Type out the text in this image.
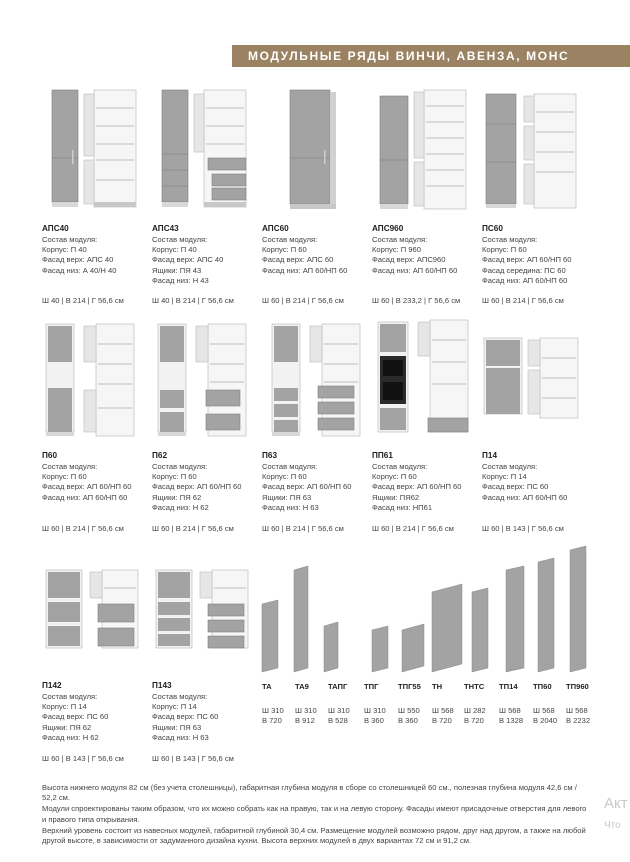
МОДУЛЬНЫЕ РЯДЫ ВИНЧИ, АВЕНЗА, МОНС
АПС40
Состав модуля:
Корпус: П 40
Фасад верх: АПС 40
Фасад низ: А 40/Н 40
Ш 40 | В 214 | Г 56,6 см
АПС43
Состав модуля:
Корпус: П 40
Фасад верх: АПС 40
Ящики: ПЯ 43
Фасад низ: Н 43
Ш 40 | В 214 | Г 56,6 см
АПС60
Состав модуля:
Корпус: П 60
Фасад верх: АПС 60
Фасад низ: АП 60/НП 60
Ш 60 | В 214 | Г 56,6 см
АПС960
Состав модуля:
Корпус: П 960
Фасад верх: АПС960
Фасад низ: АП 60/НП 60
Ш 60 | В 233,2 | Г 56,6 см
ПС60
Состав модуля:
Корпус: П 60
Фасад верх: АП 60/НП 60
Фасад середина: ПС 60
Фасад низ: АП 60/НП 60
Ш 60 | В 214 | Г 56,6 см
П60
Состав модуля:
Корпус: П 60
Фасад верх: АП 60/НП 60
Фасад низ: АП 60/НП 60
Ш 60 | В 214 | Г 56,6 см
П62
Состав модуля:
Корпус: П 60
Фасад верх: АП 60/НП 60
Ящики: ПЯ 62
Фасад низ: Н 62
Ш 60 | В 214 | Г 56,6 см
П63
Состав модуля:
Корпус: П 60
Фасад верх: АП 60/НП 60
Ящики: ПЯ 63
Фасад низ: Н 63
Ш 60 | В 214 | Г 56,6 см
ПП61
Состав модуля:
Корпус: П 60
Фасад верх: АП 60/НП 60
Ящики: ПЯ62
Фасад низ: НП61
Ш 60 | В 214 | Г 56,6 см
П14
Состав модуля:
Корпус: П 14
Фасад верх: ПС 60
Фасад низ: АП 60/НП 60
Ш 60 | В 143 | Г 56,6 см
П142
Состав модуля:
Корпус: П 14
Фасад верх: ПС 60
Ящики: ПЯ 62
Фасад низ: Н 62
Ш 60 | В 143 | Г 56,6 см
П143
Состав модуля:
Корпус: П 14
Фасад верх: ПС 60
Ящики: ПЯ 63
Фасад низ: Н 63
Ш 60 | В 143 | Г 56,6 см
ТА
Ш 310
В 720
ТА9
Ш 310
В 912
ТАПГ
Ш 310
В 528
ТПГ
Ш 310
В 360
ТПГ55
Ш 550
В 360
ТН
Ш 568
В 720
ТНТС
Ш 282
В 720
ТП14
Ш 568
В 1328
ТП60
Ш 568
В 2040
ТП960
Ш 568
В 2232

Высота нижнего модуля 82 см (без учета столешницы), габаритная глубина модуля в сборе со столешницей 60 см., полезная глубина модуля 42,6 см / 52,2 см.

Модули спроектированы таким образом, что их можно собрать как на правую, так и на левую сторону. Фасады имеют присадочные отверстия для левого и правого типа открывания.

Верхний уровень состоит из навесных модулей, габаритной глубиной 30,4 см. Размещение модулей возможно рядом, друг над другом, а также на любой другой высоте, в зависимости от задуманного дизайна кухни. Высота верхних модулей в двух вариантах 72 см и 91,2 см.

Акт
Что
